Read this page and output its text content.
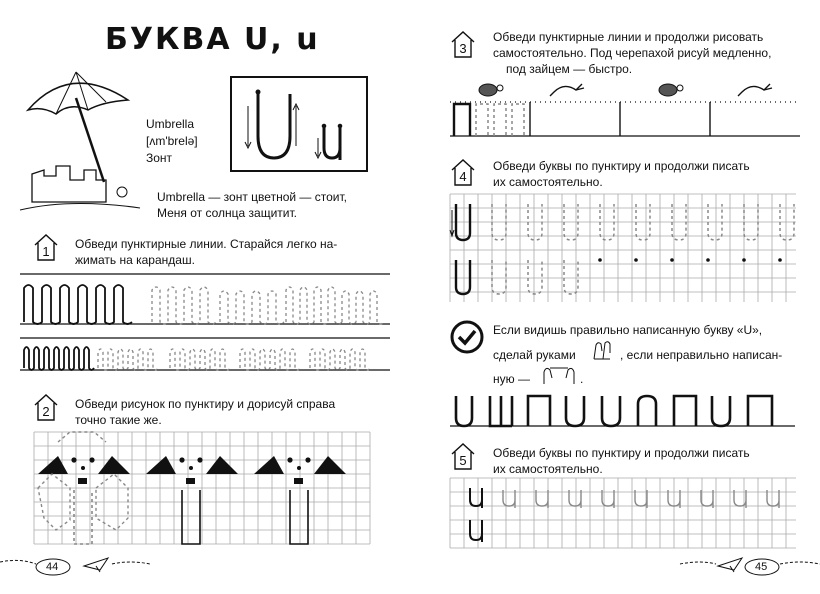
БУКВА U, u
Umbrella
[ʌm'brelə]
Зонт
Umbrella — зонт цветной — стоит,
Меня от солнца защитит.
1	Обведи пунктирные линии. Старайся легко на-
жимать на карандаш.
2	Обведи рисунок по пунктиру и дорисуй справа
точно такие же.
44
3
Обведи пунктирные линии и продолжи рисовать
самостоятельно. Под черепахой рисуй медленно,
под зайцем — быстро.
4
Обведи буквы по пунктиру и продолжи писать
их самостоятельно.
Если видишь правильно написанную букву «U»,
сделай руками	, если неправильно написан-
ную —	.
5	Обведи буквы по пунктиру и продолжи писать
их самостоятельно.
45
